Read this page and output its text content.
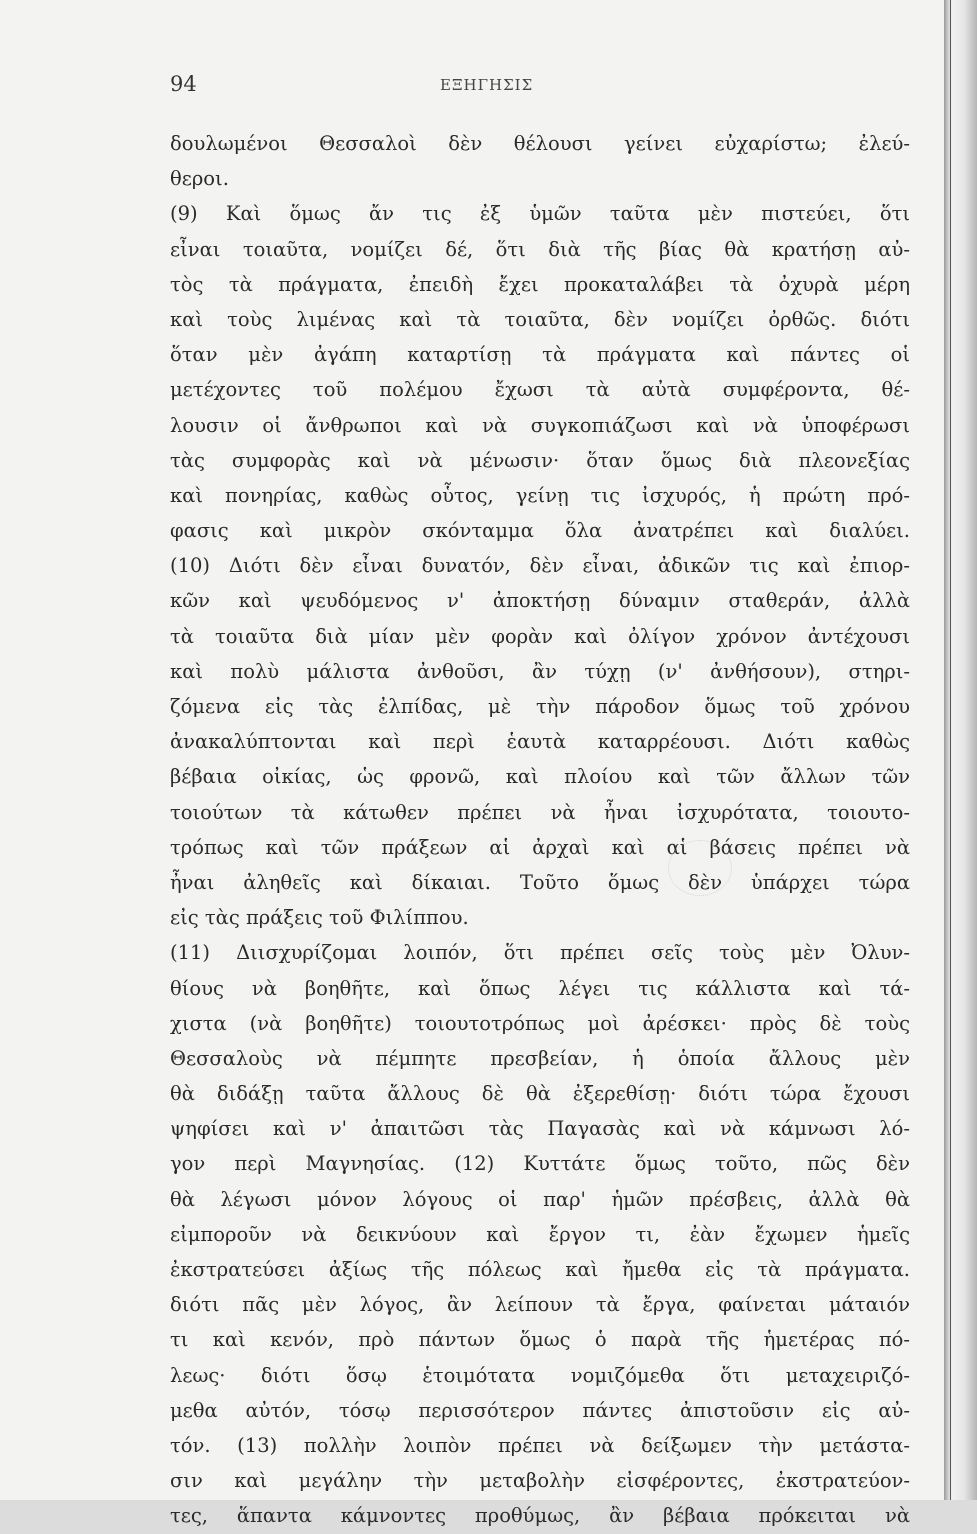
94	ΕΞΗΓΗΣΙΣ
δουλωμένοι Θεσσαλοὶ δὲν θέλουσι γείνει εὐχαρίστω; ἐλεύ-
θεροι.
(9) Καὶ ὅμως ἄν τις ἐξ ὑμῶν ταῦτα μὲν πιστεύει, ὅτι
εἶναι τοιαῦτα, νομίζει δέ, ὅτι διὰ τῆς βίας θὰ κρατήσῃ αὐ-
τὸς τὰ πράγματα, ἐπειδὴ ἔχει προκαταλάβει τὰ ὀχυρὰ μέρη
καὶ τοὺς λιμένας καὶ τὰ τοιαῦτα, δὲν νομίζει ὀρθῶς. διότι
ὅταν μὲν ἀγάπη καταρτίσῃ τὰ πράγματα καὶ πάντες οἱ
μετέχοντες τοῦ πολέμου ἔχωσι τὰ αὐτὰ συμφέροντα, θέ-
λουσιν οἱ ἄνθρωποι καὶ νὰ συγκοπιάζωσι καὶ νὰ ὑποφέρωσι
τὰς συμφορὰς καὶ νὰ μένωσιν· ὅταν ὅμως διὰ πλεονεξίας
καὶ πονηρίας, καθὼς οὗτος, γείνῃ τις ἰσχυρός, ἡ πρώτη πρό-
φασις καὶ μικρὸν σκόνταμμα ὅλα ἀνατρέπει καὶ διαλύει.
(10) Διότι δὲν εἶναι δυνατόν, δὲν εἶναι, ἀδικῶν τις καὶ ἐπιορ-
κῶν καὶ ψευδόμενος ν' ἀποκτήσῃ δύναμιν σταθεράν, ἀλλὰ
τὰ τοιαῦτα διὰ μίαν μὲν φορὰν καὶ ὀλίγον χρόνον ἀντέχουσι
καὶ πολὺ μάλιστα ἀνθοῦσι, ἂν τύχῃ (ν' ἀνθήσουν), στηρι-
ζόμενα εἰς τὰς ἐλπίδας, μὲ τὴν πάροδον ὅμως τοῦ χρόνου
ἀνακαλύπτονται καὶ περὶ ἑαυτὰ καταρρέουσι. Διότι καθὼς
βέβαια οἰκίας, ὡς φρονῶ, καὶ πλοίου καὶ τῶν ἄλλων τῶν
τοιούτων τὰ κάτωθεν πρέπει νὰ ἦναι ἰσχυρότατα, τοιουτο-
τρόπως καὶ τῶν πράξεων αἱ ἀρχαὶ καὶ αἱ βάσεις πρέπει νὰ
ἦναι ἀληθεῖς καὶ δίκαιαι. Τοῦτο ὅμως δὲν ὑπάρχει τώρα
εἰς τὰς πράξεις τοῦ Φιλίππου.
(11) Διισχυρίζομαι λοιπόν, ὅτι πρέπει σεῖς τοὺς μὲν Ὀλυν-
θίους νὰ βοηθῆτε, καὶ ὅπως λέγει τις κάλλιστα καὶ τά-
χιστα (νὰ βοηθῆτε) τοιουτοτρόπως μοὶ ἀρέσκει· πρὸς δὲ τοὺς
Θεσσαλοὺς νὰ πέμπητε πρεσβείαν, ἡ ὁποία ἄλλους μὲν
θὰ διδάξῃ ταῦτα ἄλλους δὲ θὰ ἐξερεθίσῃ· διότι τώρα ἔχουσι
ψηφίσει καὶ ν' ἀπαιτῶσι τὰς Παγασὰς καὶ νὰ κάμνωσι λό-
γον περὶ Μαγνησίας. (12) Κυττάτε ὅμως τοῦτο, πῶς δὲν
θὰ λέγωσι μόνον λόγους οἱ παρ' ἡμῶν πρέσβεις, ἀλλὰ θὰ
εἰμποροῦν νὰ δεικνύουν καὶ ἔργον τι, ἐὰν ἔχωμεν ἡμεῖς
ἐκστρατεύσει ἀξίως τῆς πόλεως καὶ ἤμεθα εἰς τὰ πράγματα.
διότι πᾶς μὲν λόγος, ἂν λείπουν τὰ ἔργα, φαίνεται μάταιόν
τι καὶ κενόν, πρὸ πάντων ὅμως ὁ παρὰ τῆς ἡμετέρας πό-
λεως· διότι ὅσῳ ἑτοιμότατα νομιζόμεθα ὅτι μεταχειριζό-
μεθα αὐτόν, τόσῳ περισσότερον πάντες ἀπιστοῦσιν εἰς αὐ-
τόν. (13) πολλὴν λοιπὸν πρέπει νὰ δείξωμεν τὴν μετάστα-
σιν καὶ μεγάλην τὴν μεταβολὴν εἰσφέροντες, ἐκστρατεύον-
τες, ἅπαντα κάμνοντες προθύμως, ἂν βέβαια πρόκειται νὰ
